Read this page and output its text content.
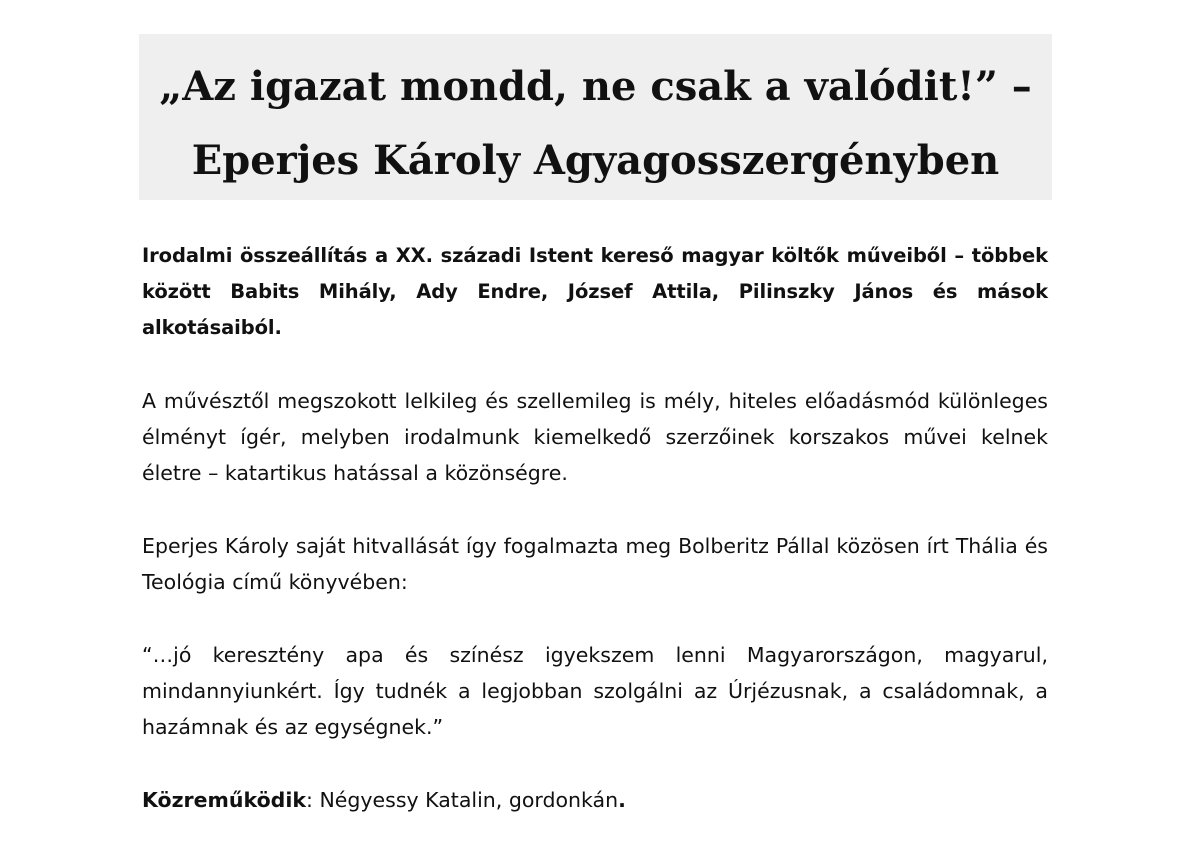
„Az igazat mondd, ne csak a valódit!” –
Eperjes Károly Agyagosszergényben

Irodalmi összeállítás a XX. századi Istent kereső magyar költők műveiből – többek között Babits Mihály, Ady Endre, József Attila, Pilinszky János és mások alkotásaiból.

A művésztől megszokott lelkileg és szellemileg is mély, hiteles előadásmód különleges élményt ígér, melyben irodalmunk kiemelkedő szerzőinek korszakos művei kelnek életre – katartikus hatással a közönségre.

Eperjes Károly saját hitvallását így fogalmazta meg Bolberitz Pállal közösen írt Thália és Teológia című könyvében:

“…jó keresztény apa és színész igyekszem lenni Magyarországon, magyarul, mindannyiunkért. Így tudnék a legjobban szolgálni az Úrjézusnak, a családomnak, a hazámnak és az egységnek.”

Közreműködik: Négyessy Katalin, gordonkán.
